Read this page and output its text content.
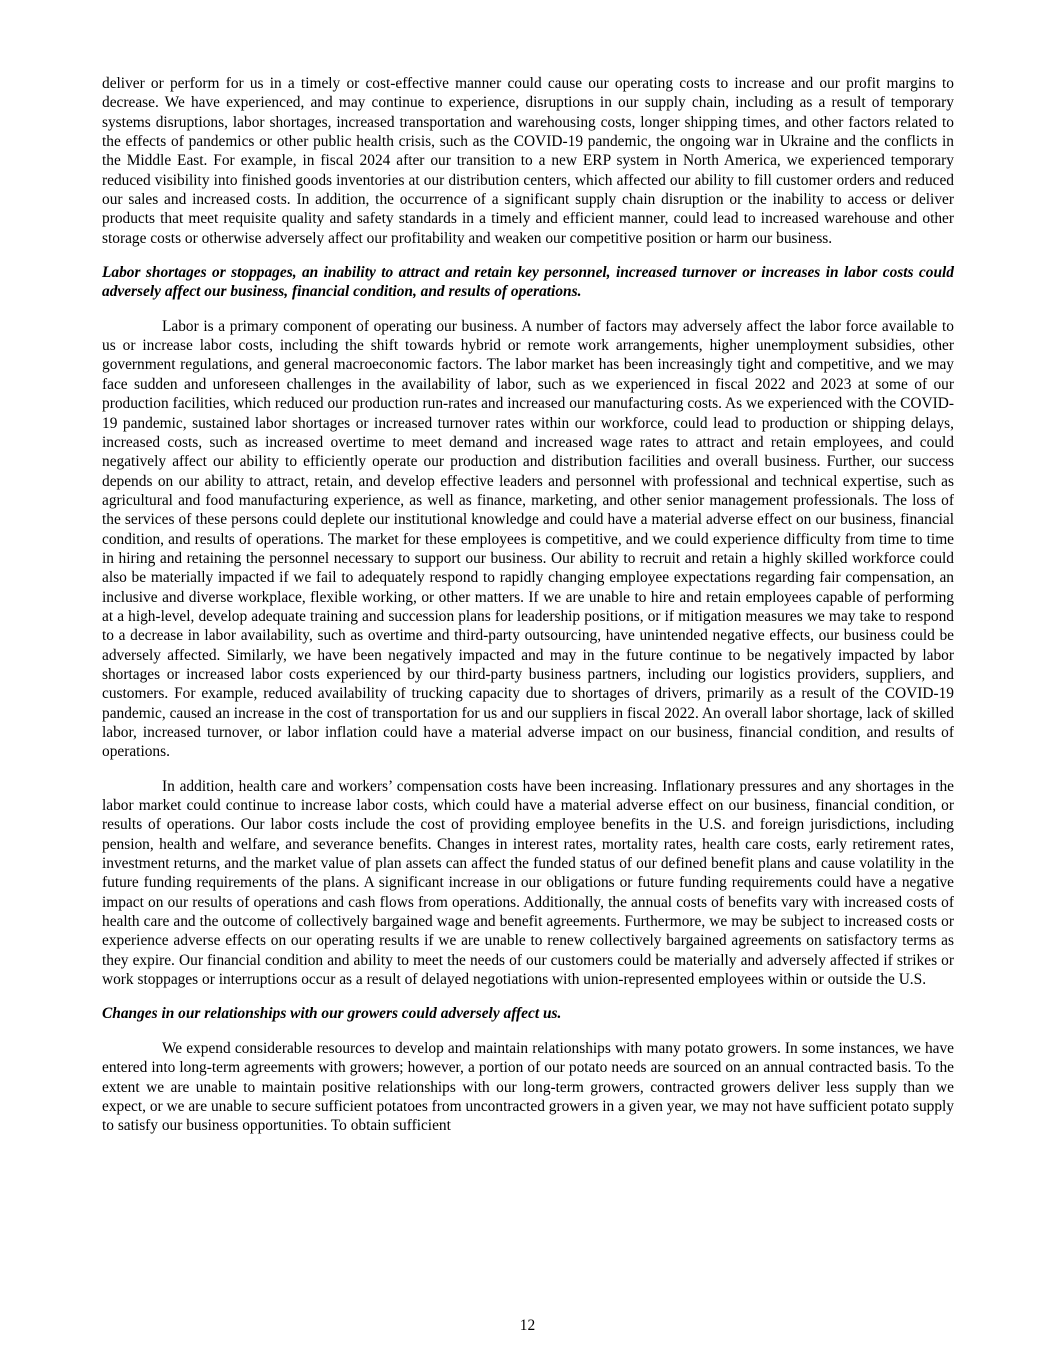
deliver or perform for us in a timely or cost-effective manner could cause our operating costs to increase and our profit margins to decrease. We have experienced, and may continue to experience, disruptions in our supply chain, including as a result of temporary systems disruptions, labor shortages, increased transportation and warehousing costs, longer shipping times, and other factors related to the effects of pandemics or other public health crisis, such as the COVID-19 pandemic, the ongoing war in Ukraine and the conflicts in the Middle East. For example, in fiscal 2024 after our transition to a new ERP system in North America, we experienced temporary reduced visibility into finished goods inventories at our distribution centers, which affected our ability to fill customer orders and reduced our sales and increased costs. In addition, the occurrence of a significant supply chain disruption or the inability to access or deliver products that meet requisite quality and safety standards in a timely and efficient manner, could lead to increased warehouse and other storage costs or otherwise adversely affect our profitability and weaken our competitive position or harm our business.

Labor shortages or stoppages, an inability to attract and retain key personnel, increased turnover or increases in labor costs could adversely affect our business, financial condition, and results of operations.

Labor is a primary component of operating our business. A number of factors may adversely affect the labor force available to us or increase labor costs, including the shift towards hybrid or remote work arrangements, higher unemployment subsidies, other government regulations, and general macroeconomic factors. The labor market has been increasingly tight and competitive, and we may face sudden and unforeseen challenges in the availability of labor, such as we experienced in fiscal 2022 and 2023 at some of our production facilities, which reduced our production run-rates and increased our manufacturing costs. As we experienced with the COVID-19 pandemic, sustained labor shortages or increased turnover rates within our workforce, could lead to production or shipping delays, increased costs, such as increased overtime to meet demand and increased wage rates to attract and retain employees, and could negatively affect our ability to efficiently operate our production and distribution facilities and overall business. Further, our success depends on our ability to attract, retain, and develop effective leaders and personnel with professional and technical expertise, such as agricultural and food manufacturing experience, as well as finance, marketing, and other senior management professionals. The loss of the services of these persons could deplete our institutional knowledge and could have a material adverse effect on our business, financial condition, and results of operations. The market for these employees is competitive, and we could experience difficulty from time to time in hiring and retaining the personnel necessary to support our business. Our ability to recruit and retain a highly skilled workforce could also be materially impacted if we fail to adequately respond to rapidly changing employee expectations regarding fair compensation, an inclusive and diverse workplace, flexible working, or other matters. If we are unable to hire and retain employees capable of performing at a high-level, develop adequate training and succession plans for leadership positions, or if mitigation measures we may take to respond to a decrease in labor availability, such as overtime and third-party outsourcing, have unintended negative effects, our business could be adversely affected. Similarly, we have been negatively impacted and may in the future continue to be negatively impacted by labor shortages or increased labor costs experienced by our third-party business partners, including our logistics providers, suppliers, and customers. For example, reduced availability of trucking capacity due to shortages of drivers, primarily as a result of the COVID-19 pandemic, caused an increase in the cost of transportation for us and our suppliers in fiscal 2022. An overall labor shortage, lack of skilled labor, increased turnover, or labor inflation could have a material adverse impact on our business, financial condition, and results of operations.

In addition, health care and workers’ compensation costs have been increasing. Inflationary pressures and any shortages in the labor market could continue to increase labor costs, which could have a material adverse effect on our business, financial condition, or results of operations. Our labor costs include the cost of providing employee benefits in the U.S. and foreign jurisdictions, including pension, health and welfare, and severance benefits. Changes in interest rates, mortality rates, health care costs, early retirement rates, investment returns, and the market value of plan assets can affect the funded status of our defined benefit plans and cause volatility in the future funding requirements of the plans. A significant increase in our obligations or future funding requirements could have a negative impact on our results of operations and cash flows from operations. Additionally, the annual costs of benefits vary with increased costs of health care and the outcome of collectively bargained wage and benefit agreements. Furthermore, we may be subject to increased costs or experience adverse effects on our operating results if we are unable to renew collectively bargained agreements on satisfactory terms as they expire. Our financial condition and ability to meet the needs of our customers could be materially and adversely affected if strikes or work stoppages or interruptions occur as a result of delayed negotiations with union-represented employees within or outside the U.S.

Changes in our relationships with our growers could adversely affect us.

We expend considerable resources to develop and maintain relationships with many potato growers. In some instances, we have entered into long-term agreements with growers; however, a portion of our potato needs are sourced on an annual contracted basis. To the extent we are unable to maintain positive relationships with our long-term growers, contracted growers deliver less supply than we expect, or we are unable to secure sufficient potatoes from uncontracted growers in a given year, we may not have sufficient potato supply to satisfy our business opportunities. To obtain sufficient

12
